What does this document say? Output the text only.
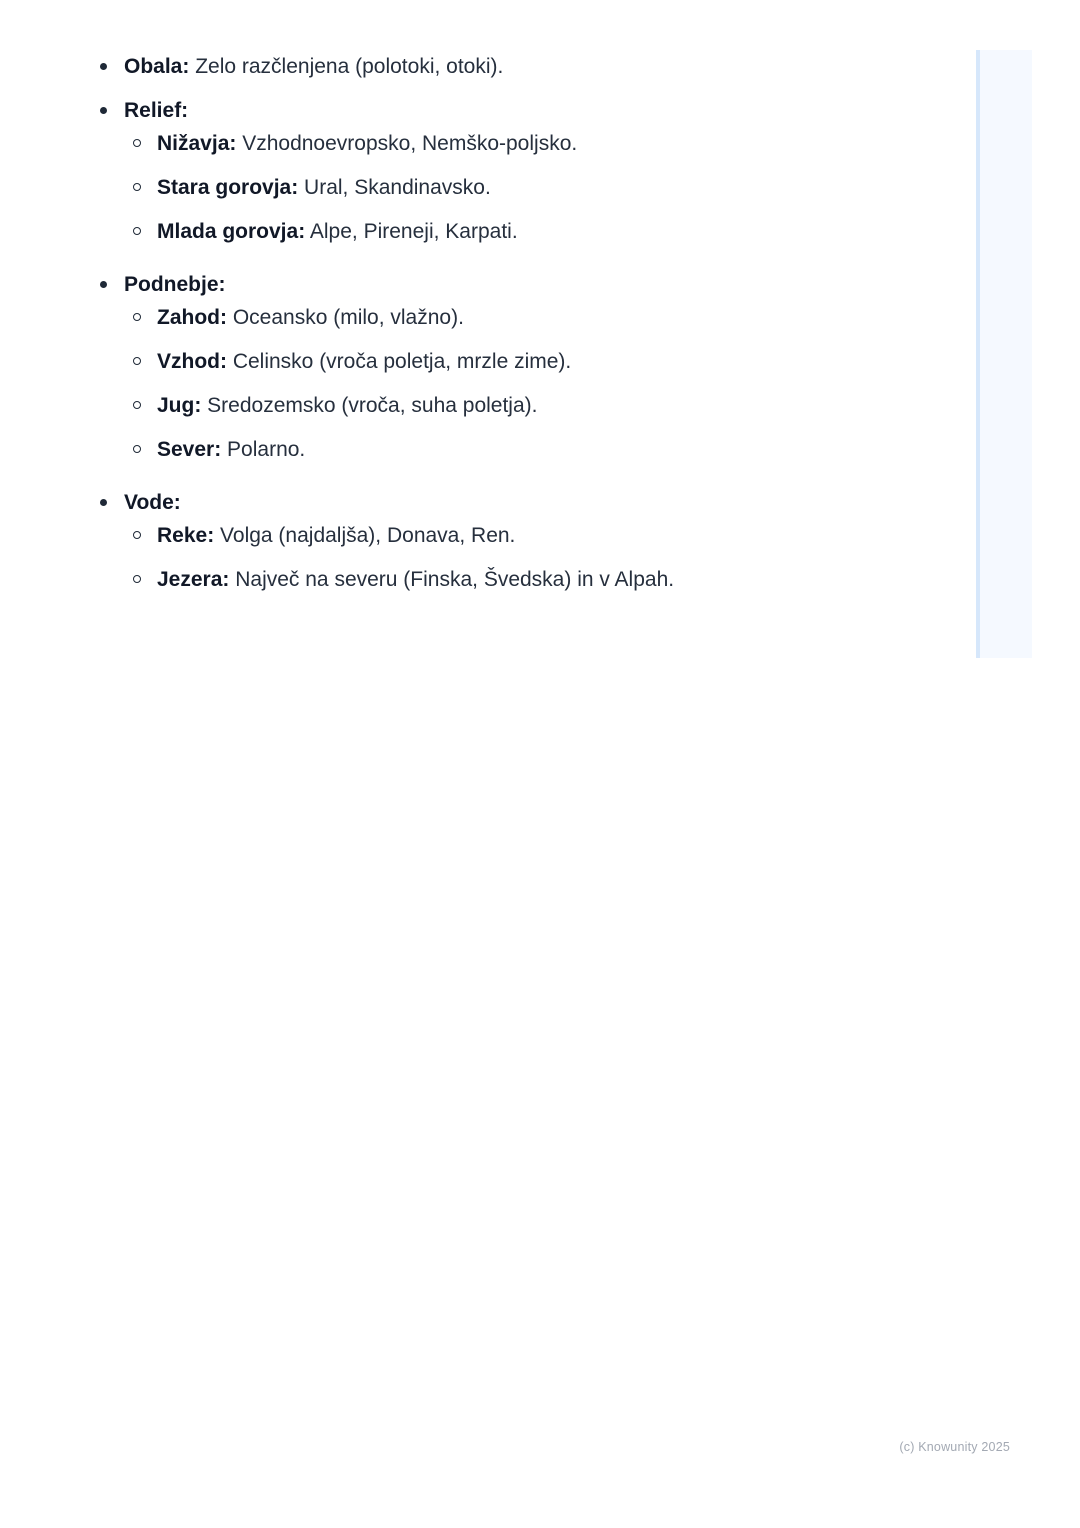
Obala: Zelo razčlenjena (polotoki, otoki).
Relief:
Nižavja: Vzhodnoevropsko, Nemško-poljsko.
Stara gorovja: Ural, Skandinavsko.
Mlada gorovja: Alpe, Pireneji, Karpati.
Podnebje:
Zahod: Oceansko (milo, vlažno).
Vzhod: Celinsko (vroča poletja, mrzle zime).
Jug: Sredozemsko (vroča, suha poletja).
Sever: Polarno.
Vode:
Reke: Volga (najdaljša), Donava, Ren.
Jezera: Največ na severu (Finska, Švedska) in v Alpah.
(c) Knowunity 2025
